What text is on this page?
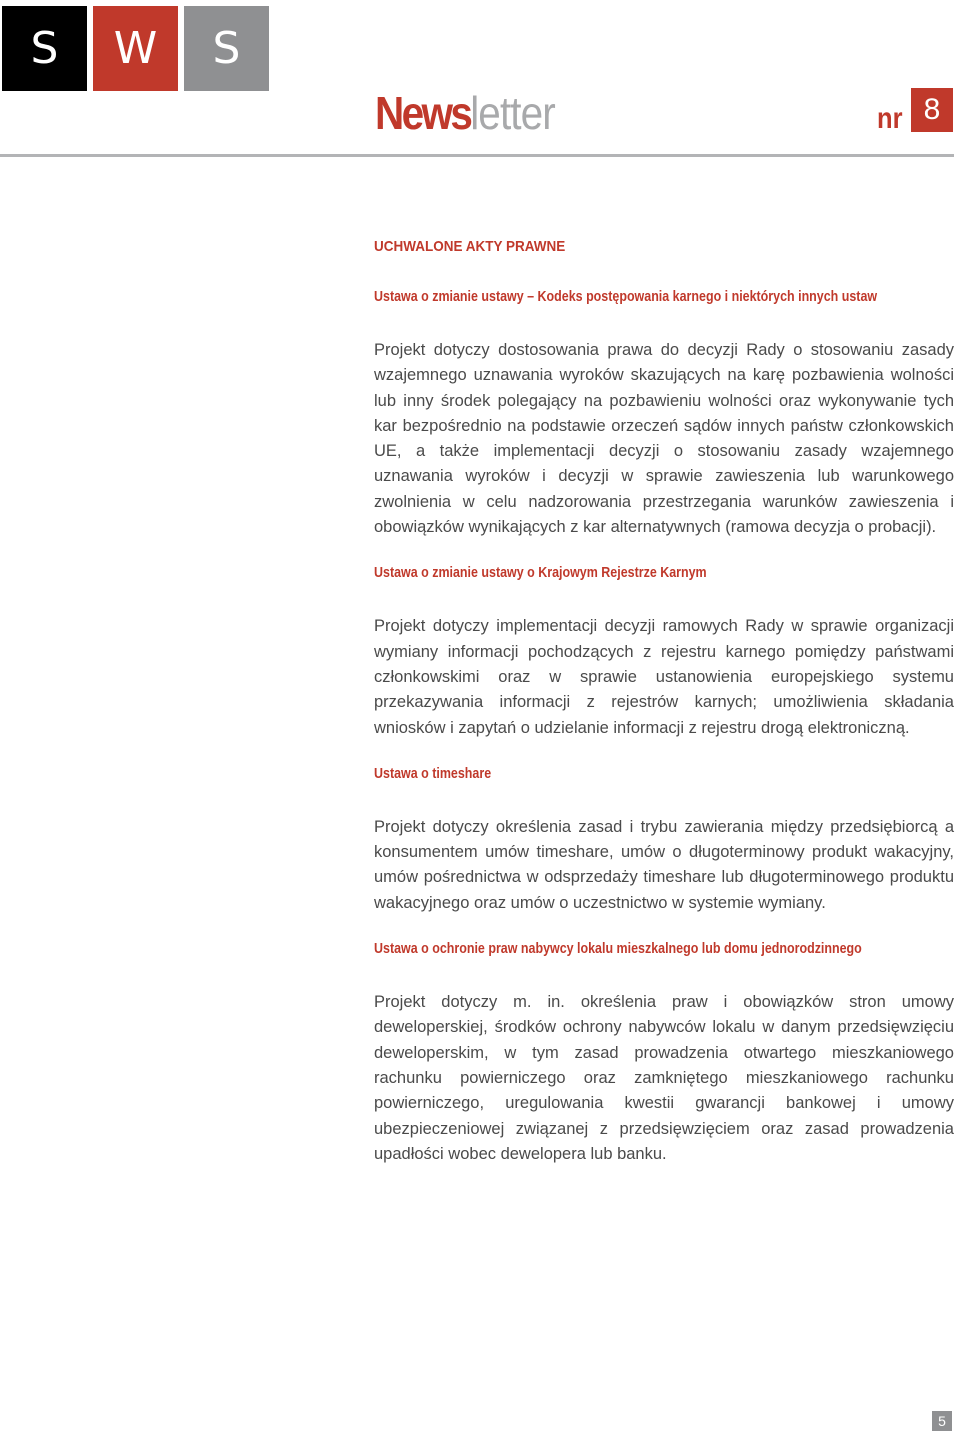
S	W	S
Newsletter	nr 8
UCHWALONE AKTY PRAWNE
Ustawa o zmianie ustawy – Kodeks postępowania karnego i niektórych innych ustaw

Projekt dotyczy dostosowania prawa do decyzji Rady o stosowaniu zasady wzajemnego uznawania wyroków skazujących na karę pozbawienia wolności lub inny środek polegający na pozbawieniu wolności oraz wykonywanie tych kar bezpośrednio na podstawie orzeczeń sądów innych państw członkowskich UE, a także implementacji decyzji o stosowaniu zasady wzajemnego uznawania wyroków i decyzji w sprawie zawieszenia lub warunkowego zwolnienia w celu nadzorowania przestrzegania warunków zawieszenia i obowiązków wynikających z kar alternatywnych (ramowa decyzja o probacji).

Ustawa o zmianie ustawy o Krajowym Rejestrze Karnym

Projekt dotyczy implementacji decyzji ramowych Rady w sprawie organizacji wymiany informacji pochodzących z rejestru karnego pomiędzy państwami członkowskimi oraz w sprawie ustanowienia europejskiego systemu przekazywania informacji z rejestrów karnych; umożliwienia składania wniosków i zapytań o udzielanie informacji z rejestru drogą elektroniczną.

Ustawa o timeshare

Projekt dotyczy określenia zasad i trybu zawierania między przedsiębiorcą a konsumentem umów timeshare, umów o długoterminowy produkt wakacyjny, umów pośrednictwa w odsprzedaży timeshare lub długoterminowego produktu wakacyjnego oraz umów o uczestnictwo w systemie wymiany.

Ustawa o ochronie praw nabywcy lokalu mieszkalnego lub domu jednorodzinnego

Projekt dotyczy m. in. określenia praw i obowiązków stron umowy deweloperskiej, środków ochrony nabywców lokalu w danym przedsięwzięciu deweloperskim, w tym zasad prowadzenia otwartego mieszkaniowego rachunku powierniczego oraz zamkniętego mieszkaniowego rachunku powierniczego, uregulowania kwestii gwarancji bankowej i umowy ubezpieczeniowej związanej z przedsięwzięciem oraz zasad prowadzenia upadłości wobec dewelopera lub banku.

5
